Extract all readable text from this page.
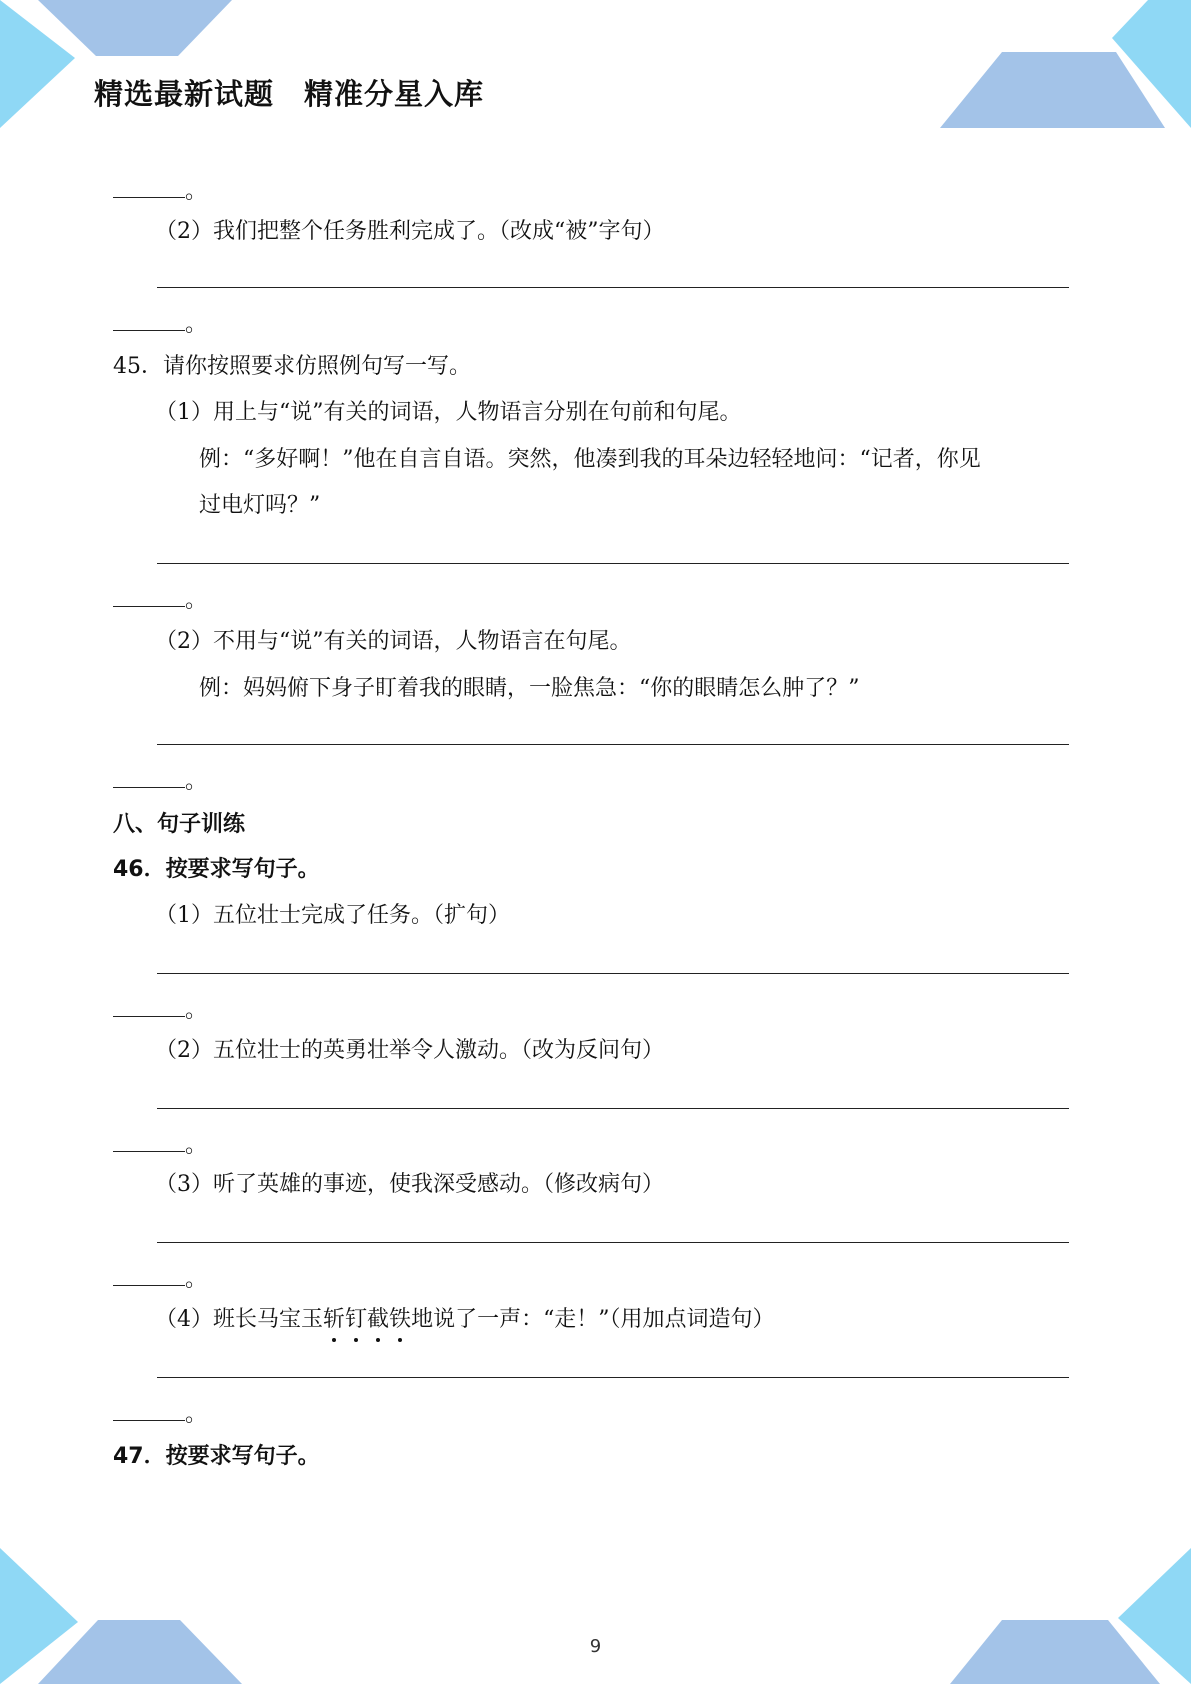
精选最新试题　精准分星入库
。
（2）我们把整个任务胜利完成了。（改成“被”字句）
。
45．请你按照要求仿照例句写一写。
（1）用上与“说”有关的词语，人物语言分别在句前和句尾。
例：“多好啊！”他在自言自语。突然，他凑到我的耳朵边轻轻地问：“记者，你见
过电灯吗？”
。
（2）不用与“说”有关的词语，人物语言在句尾。
例：妈妈俯下身子盯着我的眼睛，一脸焦急：“你的眼睛怎么肿了？”
。
八、句子训练
46．按要求写句子。
（1）五位壮士完成了任务。（扩句）
。
（2）五位壮士的英勇壮举令人激动。（改为反问句）
。
（3）听了英雄的事迹，使我深受感动。（修改病句）
。
（4）班长马宝玉斩钉截铁地说了一声：“走！”（用加点词造句）
。
47．按要求写句子。
9
